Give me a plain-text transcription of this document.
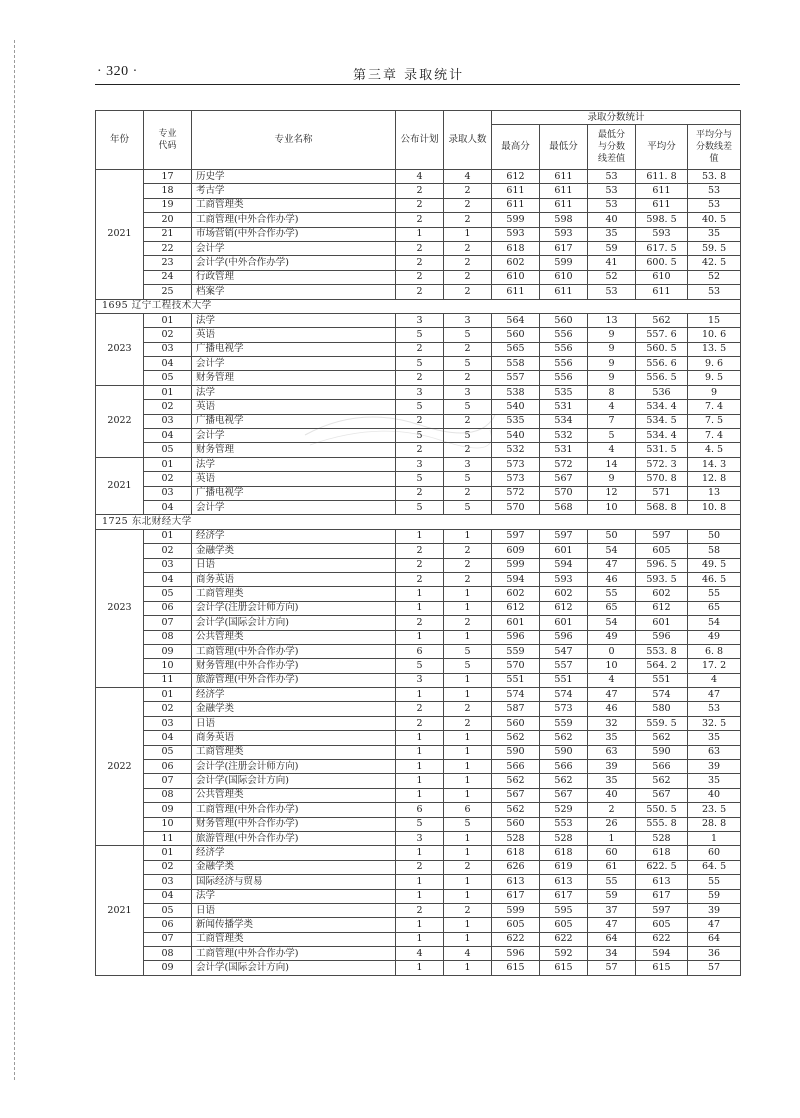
· 320 ·	第三章 录取统计
年份	专业代码	专业名称	公布计划	录取人数	录取分数统计				
					最高分	最低分	最低分与分数线差值	平均分	平均分与分数线差值
2021	17	历史学	4	4	612	611	53	611. 8	53. 8
	18	考古学	2	2	611	611	53	611	53
	19	工商管理类	2	2	611	611	53	611	53
	20	工商管理(中外合作办学)	2	2	599	598	40	598. 5	40. 5
	21	市场营销(中外合作办学)	1	1	593	593	35	593	35
	22	会计学	2	2	618	617	59	617. 5	59. 5
	23	会计学(中外合作办学)	2	2	602	599	41	600. 5	42. 5
	24	行政管理	2	2	610	610	52	610	52
	25	档案学	2	2	611	611	53	611	53
1695 辽宁工程技术大学									
2023	01	法学	3	3	564	560	13	562	15
	02	英语	5	5	560	556	9	557. 6	10. 6
	03	广播电视学	2	2	565	556	9	560. 5	13. 5
	04	会计学	5	5	558	556	9	556. 6	9. 6
	05	财务管理	2	2	557	556	9	556. 5	9. 5
2022	01	法学	3	3	538	535	8	536	9
	02	英语	5	5	540	531	4	534. 4	7. 4
	03	广播电视学	2	2	535	534	7	534. 5	7. 5
	04	会计学	5	5	540	532	5	534. 4	7. 4
	05	财务管理	2	2	532	531	4	531. 5	4. 5
2021	01	法学	3	3	573	572	14	572. 3	14. 3
	02	英语	5	5	573	567	9	570. 8	12. 8
	03	广播电视学	2	2	572	570	12	571	13
	04	会计学	5	5	570	568	10	568. 8	10. 8
1725 东北财经大学									
2023	01	经济学	1	1	597	597	50	597	50
	02	金融学类	2	2	609	601	54	605	58
	03	日语	2	2	599	594	47	596. 5	49. 5
	04	商务英语	2	2	594	593	46	593. 5	46. 5
	05	工商管理类	1	1	602	602	55	602	55
	06	会计学(注册会计师方向)	1	1	612	612	65	612	65
	07	会计学(国际会计方向)	2	2	601	601	54	601	54
	08	公共管理类	1	1	596	596	49	596	49
	09	工商管理(中外合作办学)	6	5	559	547	0	553. 8	6. 8
	10	财务管理(中外合作办学)	5	5	570	557	10	564. 2	17. 2
	11	旅游管理(中外合作办学)	3	1	551	551	4	551	4
2022	01	经济学	1	1	574	574	47	574	47
	02	金融学类	2	2	587	573	46	580	53
	03	日语	2	2	560	559	32	559. 5	32. 5
	04	商务英语	1	1	562	562	35	562	35
	05	工商管理类	1	1	590	590	63	590	63
	06	会计学(注册会计师方向)	1	1	566	566	39	566	39
	07	会计学(国际会计方向)	1	1	562	562	35	562	35
	08	公共管理类	1	1	567	567	40	567	40
	09	工商管理(中外合作办学)	6	6	562	529	2	550. 5	23. 5
	10	财务管理(中外合作办学)	5	5	560	553	26	555. 8	28. 8
	11	旅游管理(中外合作办学)	3	1	528	528	1	528	1
2021	01	经济学	1	1	618	618	60	618	60
	02	金融学类	2	2	626	619	61	622. 5	64. 5
	03	国际经济与贸易	1	1	613	613	55	613	55
	04	法学	1	1	617	617	59	617	59
	05	日语	2	2	599	595	37	597	39
	06	新闻传播学类	1	1	605	605	47	605	47
	07	工商管理类	1	1	622	622	64	622	64
	08	工商管理(中外合作办学)	4	4	596	592	34	594	36
	09	会计学(国际会计方向)	1	1	615	615	57	615	57
